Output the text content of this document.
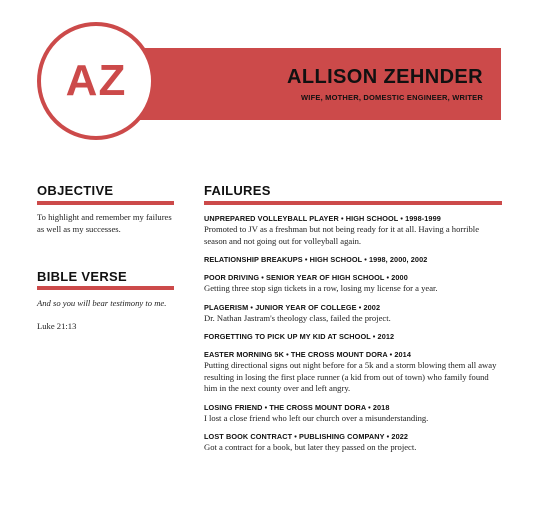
ALLISON ZEHNDER
WIFE, MOTHER, DOMESTIC ENGINEER, WRITER
AZ
OBJECTIVE
To highlight and remember my failures as well as my successes.
BIBLE VERSE
And so you will bear testimony to me.
Luke 21:13
FAILURES
UNPREPARED VOLLEYBALL PLAYER • HIGH SCHOOL • 1998-1999
Promoted to JV as a freshman but not being ready for it at all. Having a horrible season and not going out for volleyball again.
RELATIONSHIP BREAKUPS • HIGH SCHOOL • 1998, 2000, 2002
POOR DRIVING • SENIOR YEAR OF HIGH SCHOOL • 2000
Getting three stop sign tickets in a row, losing my license for a year.
PLAGERISM • JUNIOR YEAR OF COLLEGE • 2002
Dr. Nathan Jastram's theology class, failed the project.
FORGETTING TO PICK UP MY KID AT SCHOOL • 2012
EASTER MORNING 5K • THE CROSS MOUNT DORA • 2014
Putting directional signs out night before for a 5k and a storm blowing them all away resulting in losing the first place runner (a kid from out of town) who family found him in the next county over and left angry.
LOSING FRIEND • THE CROSS MOUNT DORA • 2018
I lost a close friend who left our church over a misunderstanding.
LOST BOOK CONTRACT • PUBLISHING COMPANY • 2022
Got a contract for a book, but later they passed on the project.
